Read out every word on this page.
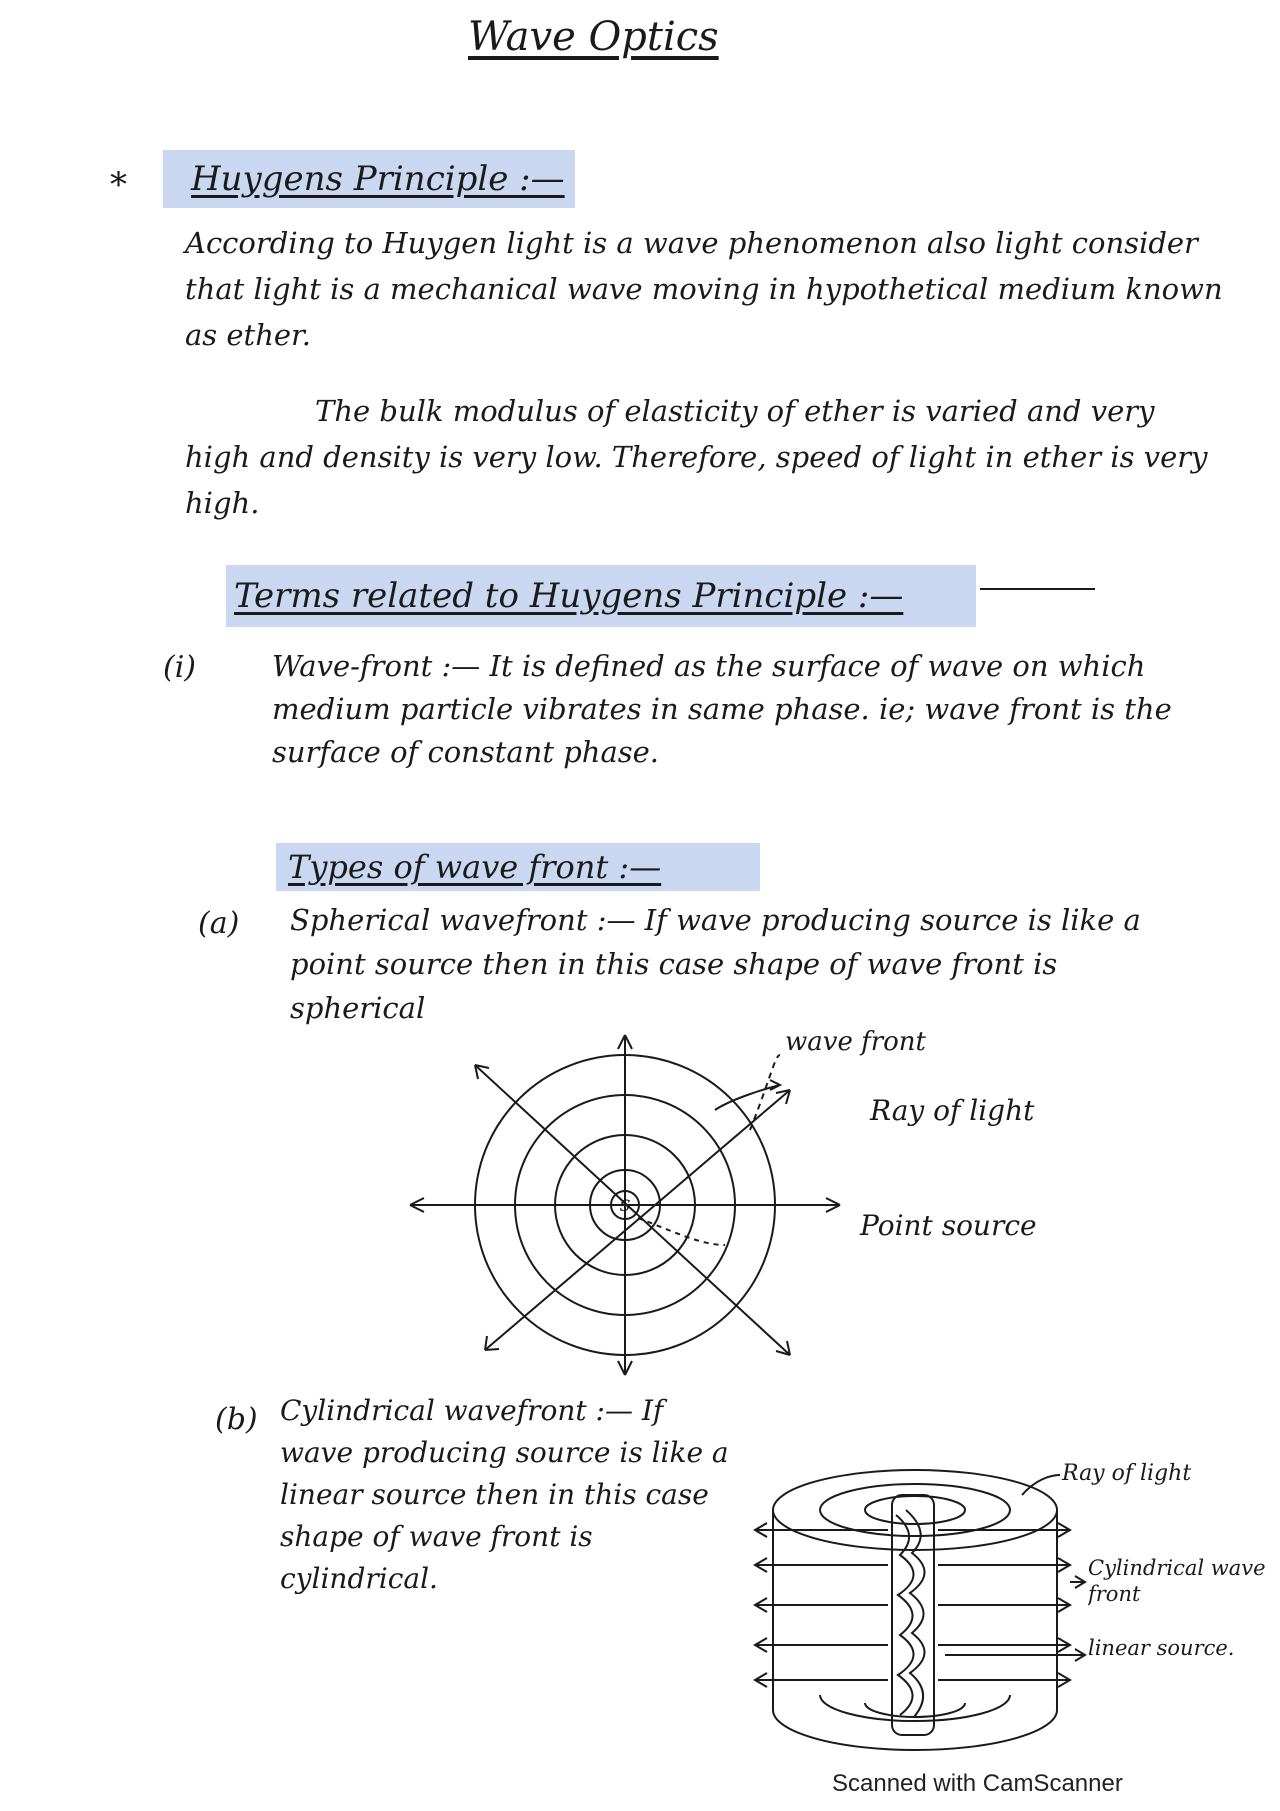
Wave Optics
*	Huygens Principle :—
According to Huygen light is a wave phenomenon also light consider that light is a mechanical wave moving in hypothetical medium known as ether.
The bulk modulus of elasticity of ether is varied and very high and density is very low. Therefore, speed of light in ether is very high.
Terms related to Huygens Principle :—
(i)	Wave-front :— It is defined as the surface of wave on which medium particle vibrates in same phase. ie; wave front is the surface of constant phase.
Types of wave front :—
(a) Spherical wavefront :— If wave producing source is like a point source then in this case shape of wave front is spherical
S
wave front
Ray of light
Point source
(b) Cylindrical wavefront :— If wave producing source is like a linear source then in this case shape of wave front is cylindrical.
Ray of light
Cylindrical wave front
linear source.
Scanned with CamScanner
